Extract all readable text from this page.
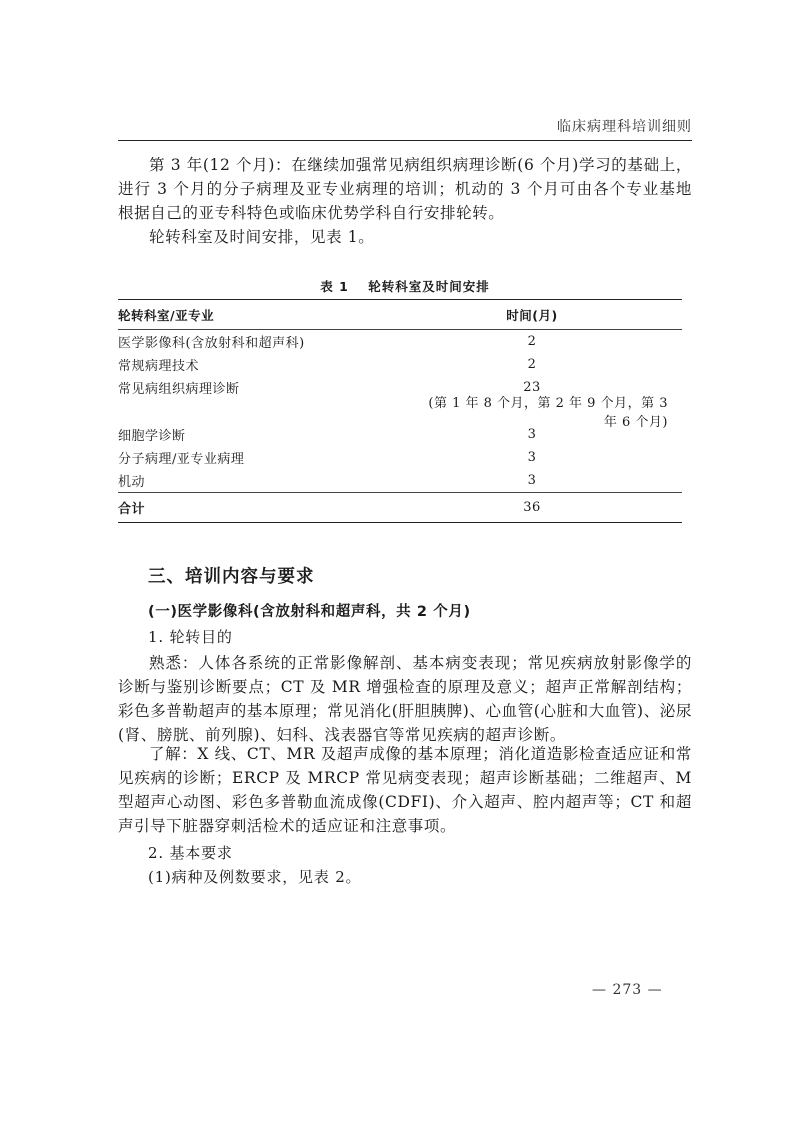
临床病理科培训细则
第 3 年(12 个月)：在继续加强常见病组织病理诊断(6 个月)学习的基础上，进行 3 个月的分子病理及亚专业病理的培训；机动的 3 个月可由各个专业基地根据自己的亚专科特色或临床优势学科自行安排轮转。
轮转科室及时间安排，见表 1。
表 1 轮转科室及时间安排
轮转科室/亚专业	时间(月)
医学影像科(含放射科和超声科)	2
常规病理技术	2
常见病组织病理诊断	23
(第 1 年 8 个月，第 2 年 9 个月，第 3 年 6 个月)
细胞学诊断	3
分子病理/亚专业病理	3
机动	3
合计	36
三、培训内容与要求
(一)医学影像科(含放射科和超声科，共 2 个月)
1. 轮转目的
熟悉：人体各系统的正常影像解剖、基本病变表现；常见疾病放射影像学的诊断与鉴别诊断要点；CT 及 MR 增强检查的原理及意义；超声正常解剖结构；彩色多普勒超声的基本原理；常见消化(肝胆胰脾)、心血管(心脏和大血管)、泌尿(肾、膀胱、前列腺)、妇科、浅表器官等常见疾病的超声诊断。
了解：X 线、CT、MR 及超声成像的基本原理；消化道造影检查适应证和常见疾病的诊断；ERCP 及 MRCP 常见病变表现；超声诊断基础；二维超声、M 型超声心动图、彩色多普勒血流成像(CDFI)、介入超声、腔内超声等；CT 和超声引导下脏器穿刺活检术的适应证和注意事项。
2. 基本要求
(1)病种及例数要求，见表 2。
— 273 —
